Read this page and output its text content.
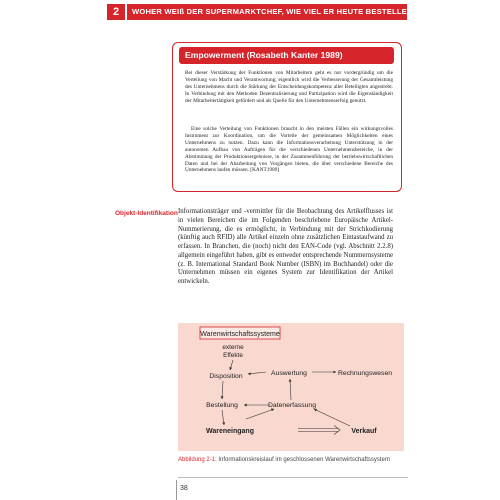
2	WOHER WEIß DER SUPERMARKTCHEF, WIE VIEL ER HEUTE BESTELLEN MUSS?
Empowerment (Rosabeth Kanter 1989)
Bei dieser Verstärkung der Funktionen von Mitarbeitern geht es nur vordergründig um die Verteilung von Macht und Verantwortung; eigentlich wird die Verbesserung der Gesamtleistung des Unternehmens durch die Stärkung der Entscheidungskompetenz aller Beteiligten angestrebt. In Verbindung mit den Methoden Dezentralisierung und Partizipation wird die Eigenständigkeit der Mitarbeitertätigkeit gefördert und als Quelle für den Unternehmenserfolg genutzt.
Eine solche Verteilung von Funktionen braucht in den meisten Fällen ein wirkungsvolles Instrument zur Koordination, um die Vorteile der gemeinsamen Möglichkeiten eines Unternehmens zu nutzen. Dazu kann die Informationsverarbeitung Unterstützung in der autonomen Aufbau von Aufträgen für die verschiedenen Unternehmensbereiche, in der Abstimmung der Produktionsergebnisse, in der Zusammenführung der betriebswirtschaftlichen Daten und bei der Abarbeitung von Vorgängen bieten, die über verschiedene Bereiche des Unternehmens laufen müssen. [KANT1989]
Objekt-Identifikation Informationsträger und -vermittler für die Beobachtung des Artikelflusses ist in vielen Bereichen die im Folgenden beschriebene Europäische Artikel-Nummerierung, die es ermöglicht, in Verbindung mit der Strichkodierung (künftig auch RFID) alle Artikel einzeln ohne zusätzlichen Eintastaufwand zu erfassen. In Branchen, die (noch) nicht den EAN-Code (vgl. Abschnitt 2.2.8) allgemein eingeführt haben, gibt es entweder entsprechende Nummernsysteme (z. B. International Standard Book Number (ISBN) im Buchhandel) oder die Unternehmen müssen ein eigenes System zur Identifikation der Artikel entwickeln.
Warenwirtschaftssysteme
externe
Effekte
Disposition	Auswertung	Rechnungswesen
Bestellung	Datenerfassung
Wareneingang	Verkauf
Abbildung 2-1: Informationskreislauf im geschlossenen Warenwirtschaftssystem
38
